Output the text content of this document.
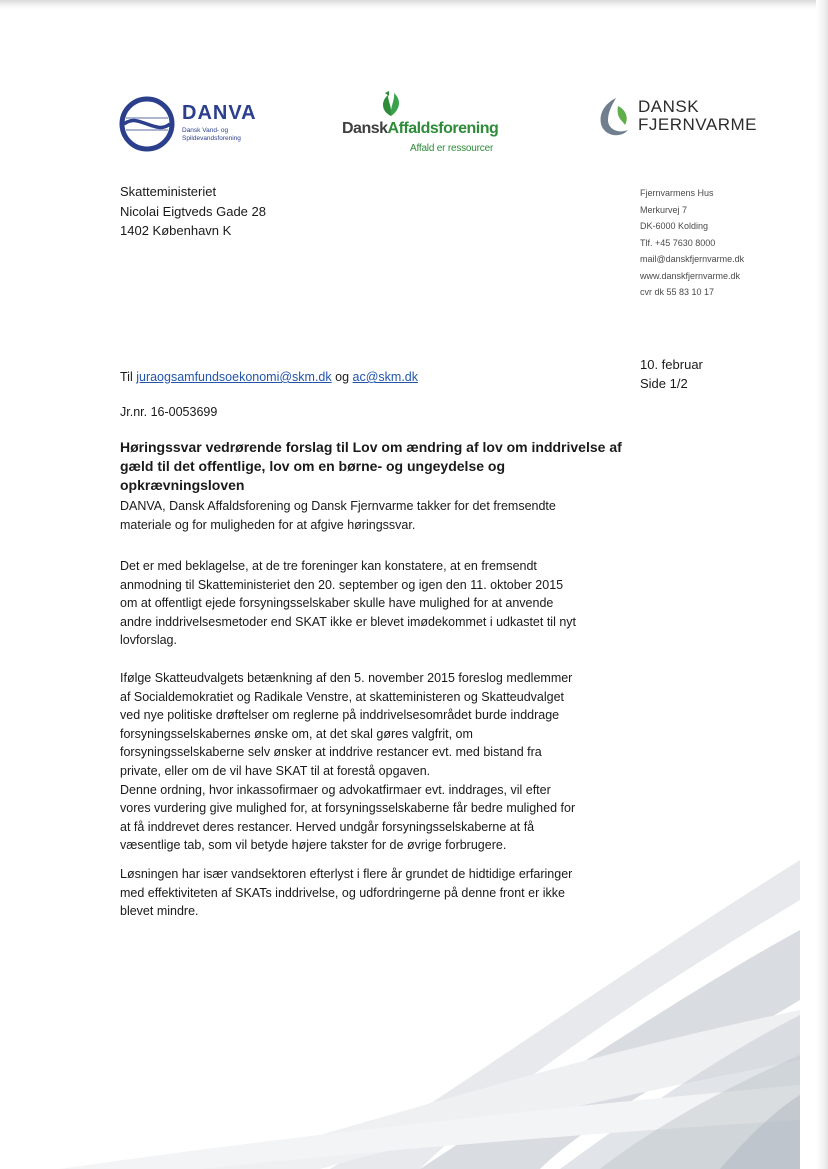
DANVA
Dansk Vand- og
Spildevandsforening
DanskAffaldsforening
Affald er ressourcer
DANSK
FJERNVARME
Skatteministeriet
Nicolai Eigtveds Gade 28
1402 København K
Fjernvarmens Hus
Merkurvej 7
DK-6000 Kolding
Tlf. +45 7630 8000
mail@danskfjernvarme.dk
www.danskfjernvarme.dk
cvr dk 55 83 10 17
10. februar
Side 1/2
Til juraogsamfundsoekonomi@skm.dk og ac@skm.dk
Jr.nr. 16-0053699
Høringssvar vedrørende forslag til Lov om ændring af lov om inddrivelse af gæld til det offentlige, lov om en børne- og ungeydelse og opkrævningsloven

DANVA, Dansk Affaldsforening og Dansk Fjernvarme takker for det fremsendte

materiale og for muligheden for at afgive høringssvar.

Det er med beklagelse, at de tre foreninger kan konstatere, at en fremsendt

anmodning til Skatteministeriet den 20. september og igen den 11. oktober 2015

om at offentligt ejede forsyningsselskaber skulle have mulighed for at anvende

andre inddrivelsesmetoder end SKAT ikke er blevet imødekommet i udkastet til nyt

lovforslag.

Ifølge Skatteudvalgets betænkning af den 5. november 2015 foreslog medlemmer

af Socialdemokratiet og Radikale Venstre, at skatteministeren og Skatteudvalget

ved nye politiske drøftelser om reglerne på inddrivelsesområdet burde inddrage

forsyningsselskabernes ønske om, at det skal gøres valgfrit, om

forsyningsselskaberne selv ønsker at inddrive restancer evt. med bistand fra

private, eller om de vil have SKAT til at forestå opgaven.

Denne ordning, hvor inkassofirmaer og advokatfirmaer evt. inddrages, vil efter

vores vurdering give mulighed for, at forsyningsselskaberne får bedre mulighed for

at få inddrevet deres restancer. Herved undgår forsyningsselskaberne at få

væsentlige tab, som vil betyde højere takster for de øvrige forbrugere.

Løsningen har især vandsektoren efterlyst i flere år grundet de hidtidige erfaringer

med effektiviteten af SKATs inddrivelse, og udfordringerne på denne front er ikke

blevet mindre.
